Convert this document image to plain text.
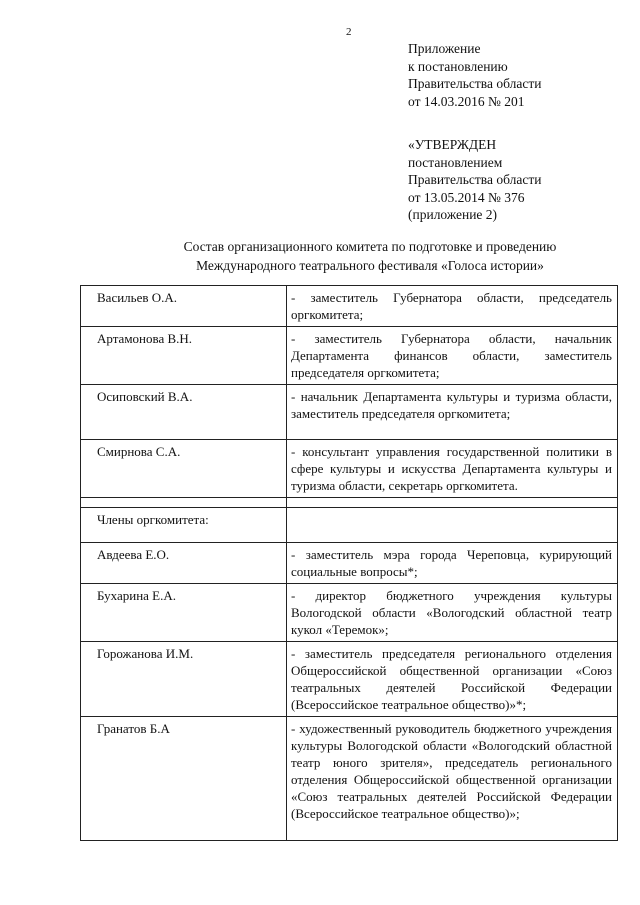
2
Приложение
к постановлению
Правительства области
от 14.03.2016 № 201
«УТВЕРЖДЕН
постановлением
Правительства области
от 13.05.2014 № 376
(приложение 2)
Состав организационного комитета по подготовке и проведению
Международного театрального фестиваля «Голоса истории»
Васильев О.А.	- заместитель Губернатора области, председатель оргкомитета;
Артамонова В.Н.	- заместитель Губернатора области, начальник Департамента финансов области, заместитель председателя оргкомитета;
Осиповский В.А.	- начальник Департамента культуры и туризма области, заместитель председателя оргкомитета;
Смирнова С.А.	- консультант управления государственной политики в сфере культуры и искусства Департамента культуры и туризма области, секретарь оргкомитета.

Члены оргкомитета:	
Авдеева Е.О.	- заместитель мэра города Череповца, курирующий социальные вопросы*;
Бухарина Е.А.	- директор бюджетного учреждения культуры Вологодской области «Вологодский областной театр кукол «Теремок»;
Горожанова И.М.	- заместитель председателя регионального отделения Общероссийской общественной организации «Союз театральных деятелей Российской Федерации (Всероссийское театральное общество)»*;
Гранатов Б.А	- художественный руководитель бюджетного учреждения культуры Вологодской области «Вологодский областной театр юного зрителя», председатель регионального отделения Общероссийской общественной организации «Союз театральных деятелей Российской Федерации (Всероссийское театральное общество)»;
